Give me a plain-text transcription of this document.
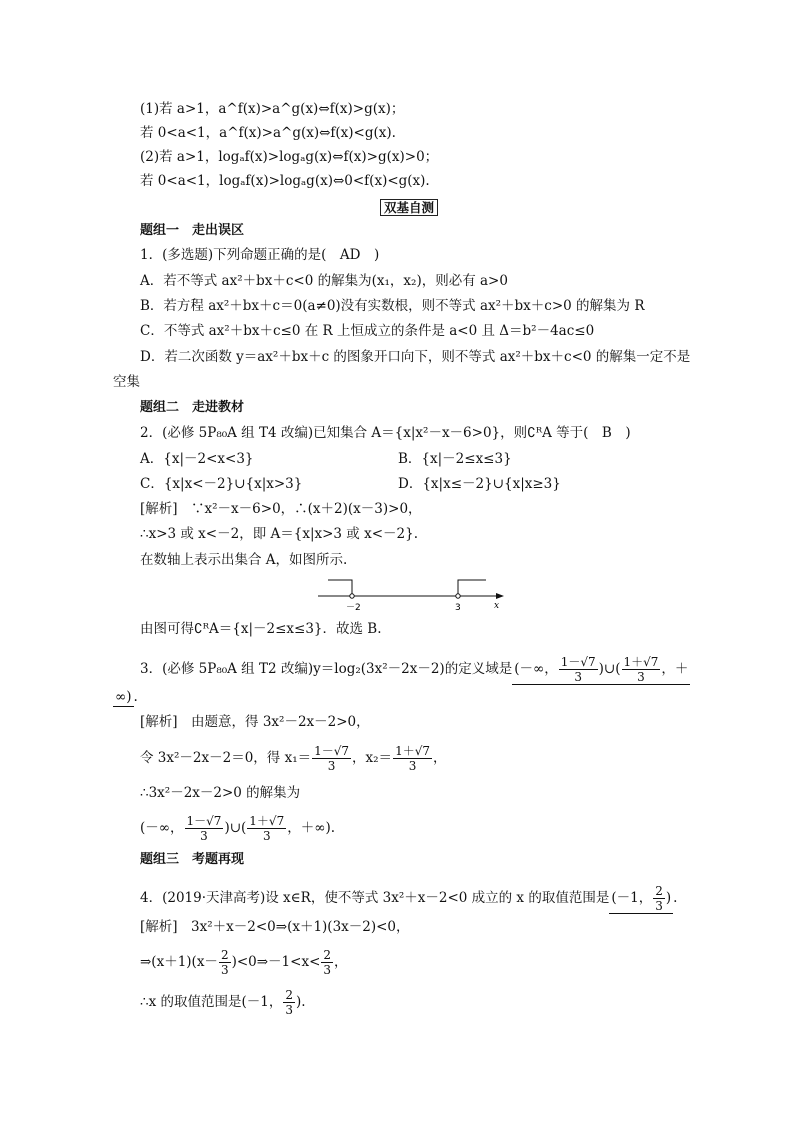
(1)若 a>1，a^f(x)>a^g(x)⇔f(x)>g(x)；
若 0<a<1，a^f(x)>a^g(x)⇔f(x)<g(x).
(2)若 a>1，logₐf(x)>logₐg(x)⇔f(x)>g(x)>0；
若 0<a<1，logₐf(x)>logₐg(x)⇔0<f(x)<g(x).
双基自测
题组一　走出误区
1．(多选题)下列命题正确的是(　AD　)
A．若不等式 ax²＋bx＋c<0 的解集为(x₁，x₂)，则必有 a>0
B．若方程 ax²＋bx＋c＝0(a≠0)没有实数根，则不等式 ax²＋bx＋c>0 的解集为 R
C．不等式 ax²＋bx＋c≤0 在 R 上恒成立的条件是 a<0 且 Δ＝b²－4ac≤0
D．若二次函数 y＝ax²＋bx＋c 的图象开口向下，则不等式 ax²＋bx＋c<0 的解集一定不是
空集
题组二　走进教材
2．(必修 5P₈₀A 组 T4 改编)已知集合 A＝{x|x²－x－6>0}，则∁ᴿA 等于(　B　)
A．{x|－2<x<3}	B．{x|－2≤x≤3}
C．{x|x<－2}∪{x|x>3}	D．{x|x≤－2}∪{x|x≥3}
[解析]　∵x²－x－6>0，∴(x＋2)(x－3)>0，
∴x>3 或 x<－2，即 A＝{x|x>3 或 x<－2}.
在数轴上表示出集合 A，如图所示.
－2	3	x
由图可得∁ᴿA＝{x|－2≤x≤3}．故选 B.
3．(必修 5P₈₀A 组 T2 改编)y＝log₂(3x²－2x－2)的定义域是 (－∞， $\frac{1-√7}{3}$ )∪( $\frac{1+√7}{3}$ ，＋
∞) .
[解析]　由题意，得 3x²－2x－2>0，
令 3x²－2x－2＝0，得 $x_1= \frac{1-√7}{3}$ ，$x_2= \frac{1+√7}{3}$ ，
∴3x²－2x－2>0 的解集为
(－∞， $\frac{1-√7}{3}$ )∪( $\frac{1+√7}{3}$ ，＋∞).
题组三　考题再现
4．(2019·天津高考)设 x∈R，使不等式 3x²＋x－2<0 成立的 x 的取值范围是 (－1， $\frac{2}{3}$ ) .
[解析]　3x²＋x－2<0⇒(x＋1)(3x－2)<0，
⇒(x＋1)(x－ $\frac{2}{3}$ )<0⇒－1<x< $\frac{2}{3}$ ，
∴x 的取值范围是(－1， $\frac{2}{3}$ ).
